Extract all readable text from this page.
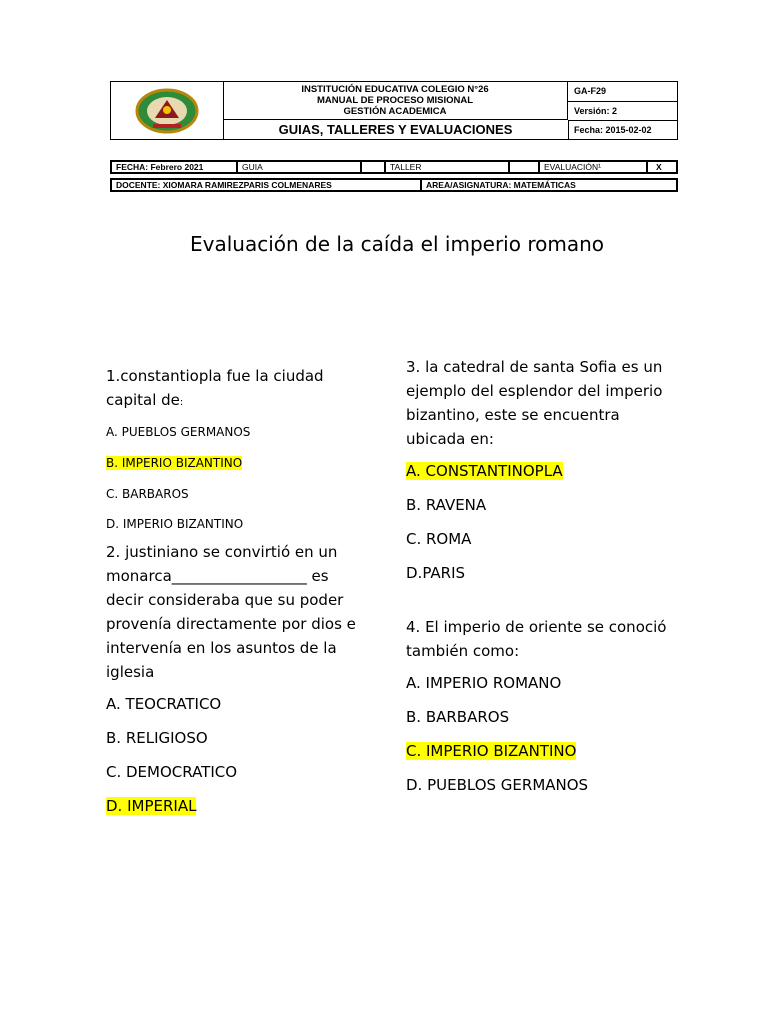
INSTITUCIÓN EDUCATIVA COLEGIO N°26
MANUAL DE PROCESO MISIONAL
GESTIÓN ACADEMICA
GUIAS, TALLERES Y EVALUACIONES
GA-F29
Versión: 2
Fecha: 2015-02-02
FECHA: Febrero 2021	GUIA	TALLER	EVALUACIÓN¹	X
DOCENTE: XIOMARA RAMIREZPARIS COLMENARES	AREA/ASIGNATURA: MATEMÁTICAS
Evaluación de la caída el imperio romano

1.constantiopla fue la ciudad

capital de:

A. PUEBLOS GERMANOS

B. IMPERIO BIZANTINO

C. BARBAROS

D. IMPERIO BIZANTINO

2. justiniano se convirtió en un

monarca__________________ es

decir consideraba que su poder

provenía directamente por dios e

intervenía en los asuntos de la

iglesia

A. TEOCRATICO

B. RELIGIOSO

C. DEMOCRATICO

D. IMPERIAL

3. la catedral de santa Sofia es un

ejemplo del esplendor del imperio

bizantino, este se encuentra

ubicada en:

A. CONSTANTINOPLA

B. RAVENA

C. ROMA

D.PARIS

4. El imperio de oriente se conoció

también como:

A. IMPERIO ROMANO

B. BARBAROS

C. IMPERIO BIZANTINO

D. PUEBLOS GERMANOS
